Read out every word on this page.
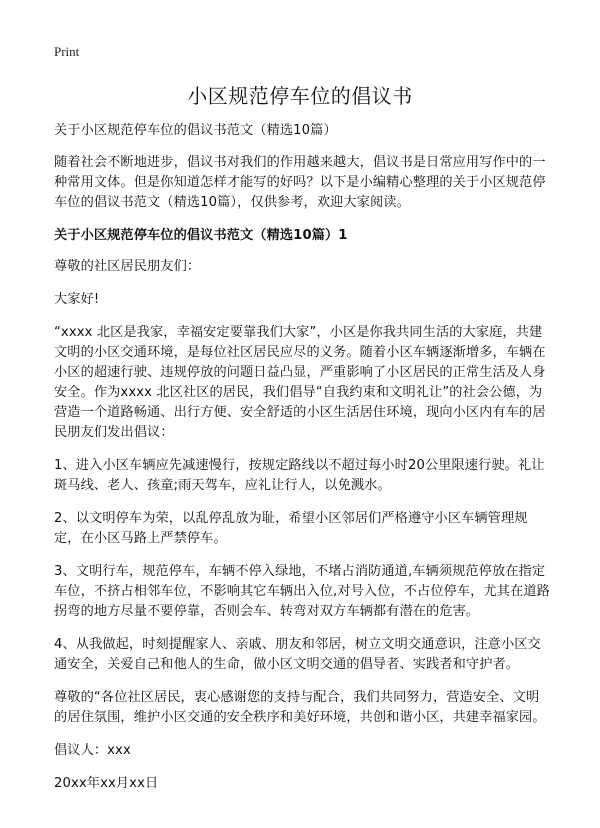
Print
小区规范停车位的倡议书

关于小区规范停车位的倡议书范文（精选10篇）

随着社会不断地进步，倡议书对我们的作用越来越大，倡议书是日常应用写作中的一种常用文体。但是你知道怎样才能写的好吗？以下是小编精心整理的关于小区规范停车位的倡议书范文（精选10篇），仅供参考，欢迎大家阅读。

关于小区规范停车位的倡议书范文（精选10篇）1

尊敬的社区居民朋友们：

大家好!

“xxxx 北区是我家，幸福安定要靠我们大家”，小区是你我共同生活的大家庭，共建文明的小区交通环境，是每位社区居民应尽的义务。随着小区车辆逐渐增多，车辆在小区的超速行驶、违规停放的问题日益凸显，严重影响了小区居民的正常生活及人身安全。作为xxxx 北区社区的居民，我们倡导“自我约束和文明礼让”的社会公德，为营造一个道路畅通、出行方便、安全舒适的小区生活居住环境，现向小区内有车的居民朋友们发出倡议：

1、进入小区车辆应先减速慢行，按规定路线以不超过每小时20公里限速行驶。礼让斑马线、老人、孩童;雨天驾车，应礼让行人，以免溅水。

2、以文明停车为荣，以乱停乱放为耻，希望小区邻居们严格遵守小区车辆管理规定，在小区马路上严禁停车。

3、文明行车，规范停车，车辆不停入绿地，不堵占消防通道,车辆须规范停放在指定车位，不挤占相邻车位，不影响其它车辆出入位,对号入位，不占位停车，尤其在道路拐弯的地方尽量不要停靠，否则会车、转弯对双方车辆都有潜在的危害。

4、从我做起，时刻提醒家人、亲戚、朋友和邻居，树立文明交通意识，注意小区交通安全，关爱自己和他人的生命，做小区文明交通的倡导者、实践者和守护者。

尊敬的“各位社区居民，衷心感谢您的支持与配合，我们共同努力，营造安全、文明的居住氛围，维护小区交通的安全秩序和美好环境，共创和谐小区，共建幸福家园。

倡议人：xxx

20xx年xx月xx日
